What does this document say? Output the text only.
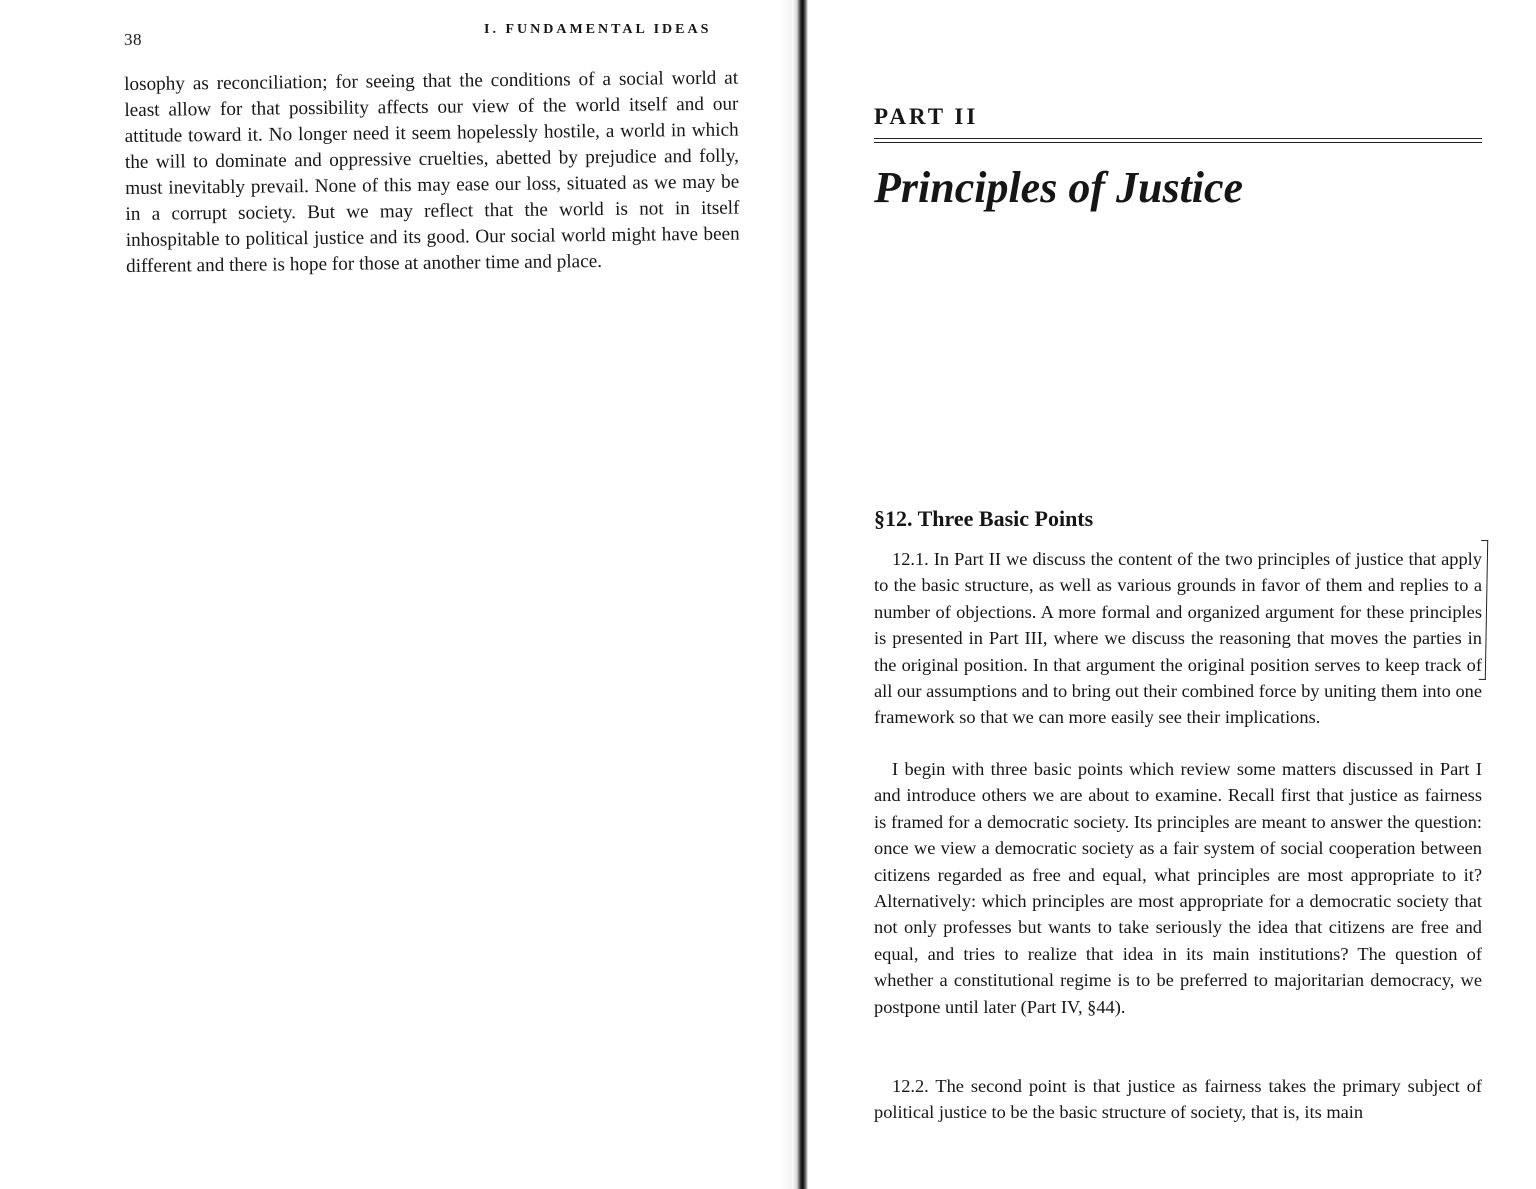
38
I. FUNDAMENTAL IDEAS

losophy as reconciliation; for seeing that the conditions of a social world at least allow for that possibility affects our view of the world itself and our attitude toward it. No longer need it seem hopelessly hostile, a world in which the will to dominate and oppressive cruelties, abetted by prejudice and folly, must inevitably prevail. None of this may ease our loss, situated as we may be in a corrupt society. But we may reflect that the world is not in itself inhospitable to political justice and its good. Our social world might have been different and there is hope for those at another time and place.

PART II
Principles of Justice
§12. Three Basic Points

12.1. In Part II we discuss the content of the two principles of justice that apply to the basic structure, as well as various grounds in favor of them and replies to a number of objections. A more formal and organized argument for these principles is presented in Part III, where we discuss the reasoning that moves the parties in the original position. In that argument the original position serves to keep track of all our assumptions and to bring out their combined force by uniting them into one framework so that we can more easily see their implications.

I begin with three basic points which review some matters discussed in Part I and introduce others we are about to examine. Recall first that justice as fairness is framed for a democratic society. Its principles are meant to answer the question: once we view a democratic society as a fair system of social cooperation between citizens regarded as free and equal, what principles are most appropriate to it? Alternatively: which principles are most appropriate for a democratic society that not only professes but wants to take seriously the idea that citizens are free and equal, and tries to realize that idea in its main institutions? The question of whether a constitutional regime is to be preferred to majoritarian democracy, we postpone until later (Part IV, §44).

12.2. The second point is that justice as fairness takes the primary subject of political justice to be the basic structure of society, that is, its main
